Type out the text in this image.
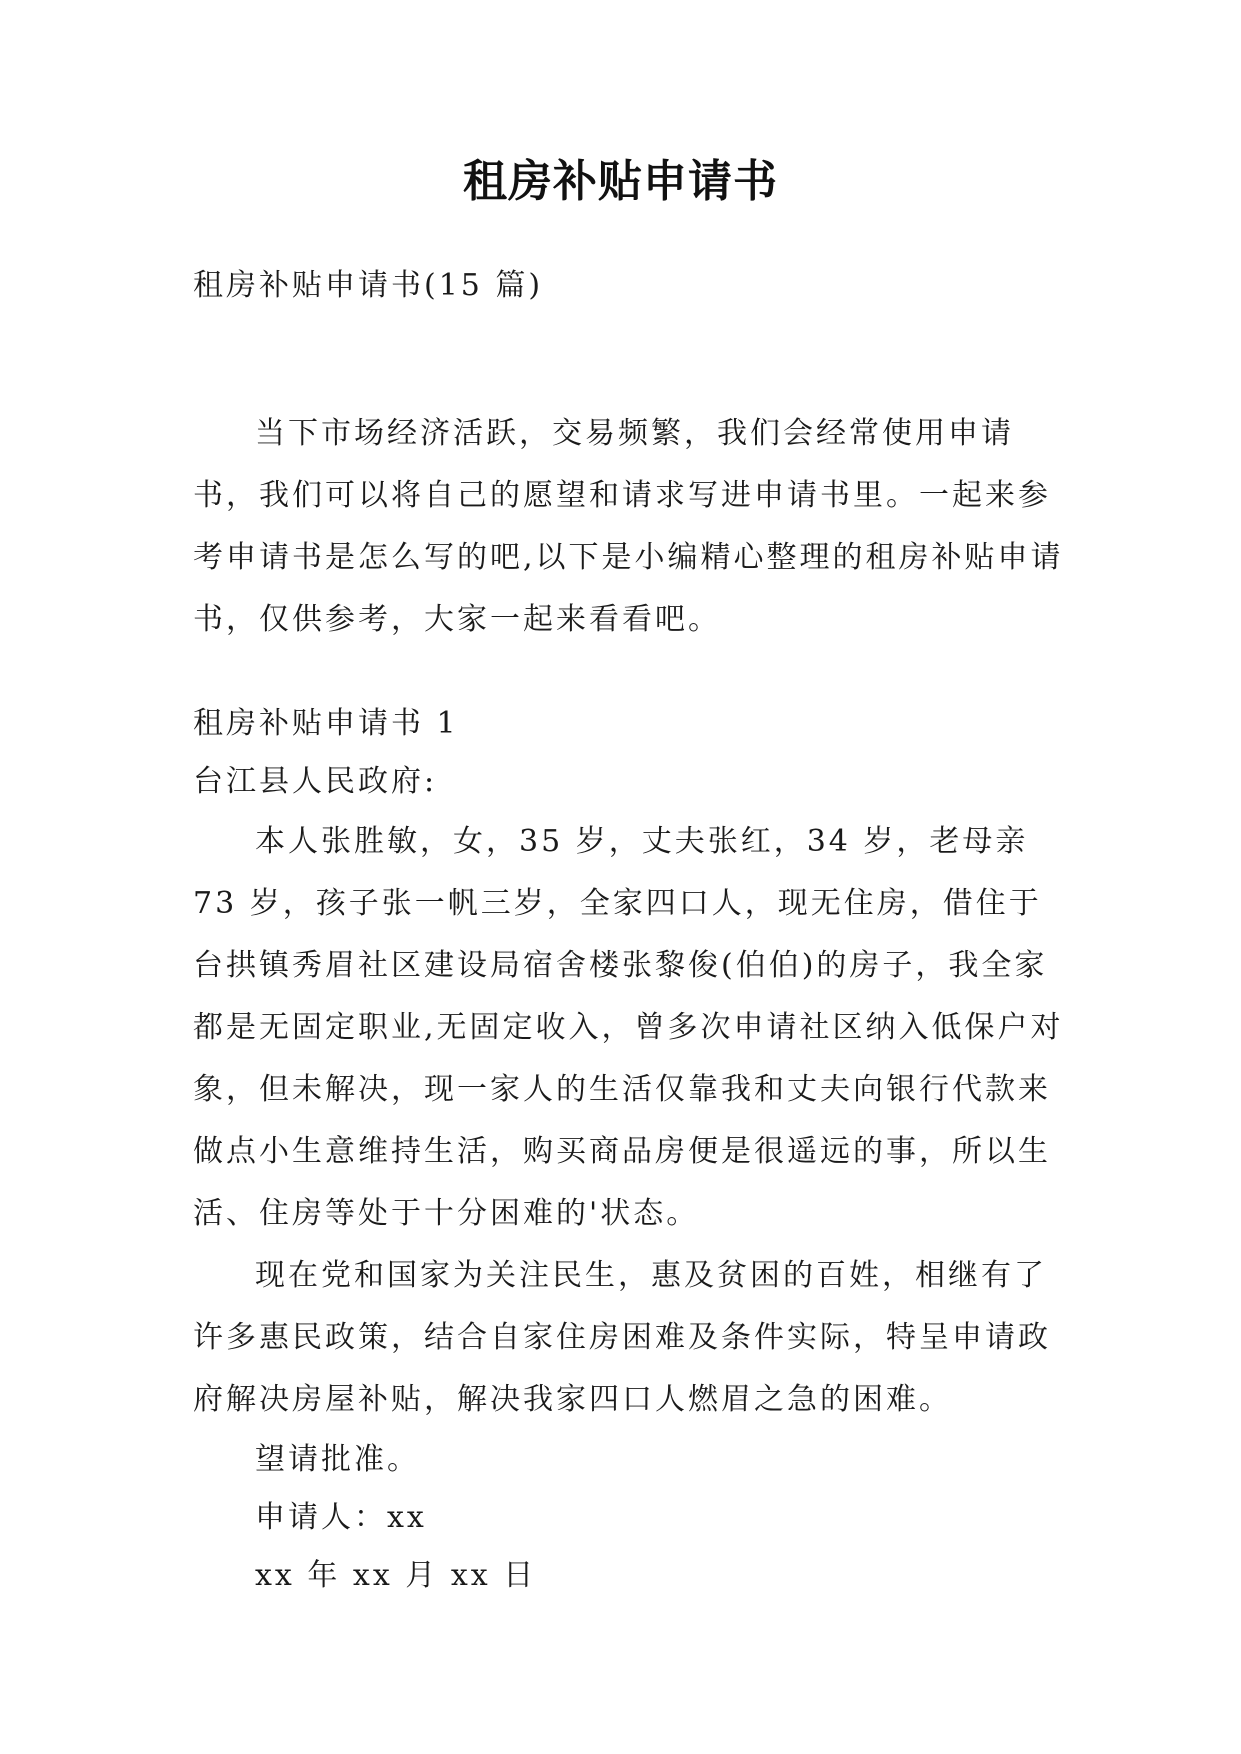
租房补贴申请书

租房补贴申请书(15 篇)

当下市场经济活跃，交易频繁，我们会经常使用申请书，我们可以将自己的愿望和请求写进申请书里。一起来参考申请书是怎么写的吧,以下是小编精心整理的租房补贴申请书，仅供参考，大家一起来看看吧。

租房补贴申请书 1

台江县人民政府:

本人张胜敏，女，35 岁，丈夫张红，34 岁，老母亲 73 岁，孩子张一帆三岁，全家四口人，现无住房，借住于台拱镇秀眉社区建设局宿舍楼张黎俊(伯伯)的房子，我全家都是无固定职业,无固定收入，曾多次申请社区纳入低保户对象，但未解决，现一家人的生活仅靠我和丈夫向银行代款来做点小生意维持生活，购买商品房便是很遥远的事，所以生活、住房等处于十分困难的'状态。

现在党和国家为关注民生，惠及贫困的百姓，相继有了许多惠民政策，结合自家住房困难及条件实际，特呈申请政府解决房屋补贴，解决我家四口人燃眉之急的困难。

望请批准。

申请人：xx

xx 年 xx 月 xx 日
